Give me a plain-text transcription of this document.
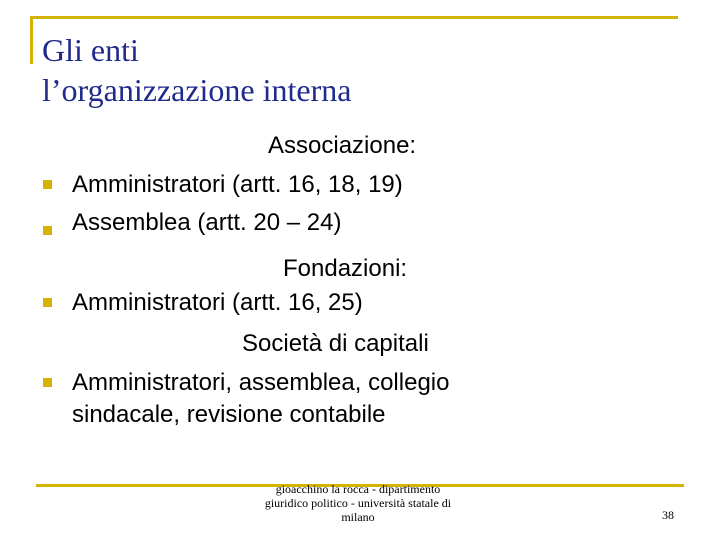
Gli enti
l’organizzazione interna
Associazione:
Amministratori (artt. 16, 18, 19)
Assemblea (artt. 20 – 24)
Fondazioni:
Amministratori (artt. 16, 25)
Società di capitali
Amministratori, assemblea, collegio
sindacale, revisione contabile
gioacchino la rocca - dipartimento
giuridico politico - università statale di
milano	38
